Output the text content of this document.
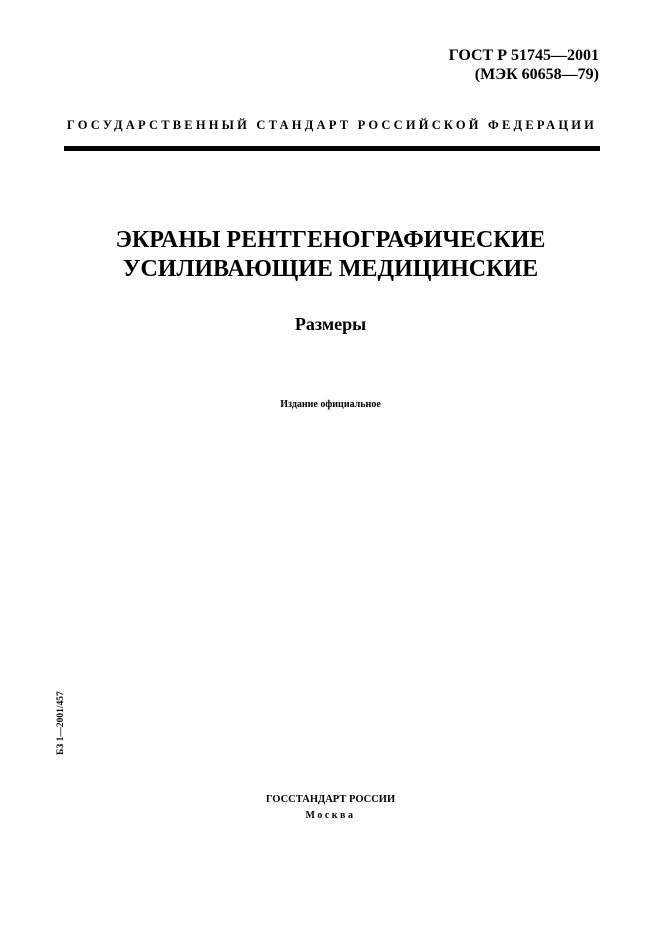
ГОСТ Р 51745—2001
(МЭК 60658—79)
ГОСУДАРСТВЕННЫЙ СТАНДАРТ РОССИЙСКОЙ ФЕДЕРАЦИИ
ЭКРАНЫ РЕНТГЕНОГРАФИЧЕСКИЕ
УСИЛИВАЮЩИЕ МЕДИЦИНСКИЕ
Размеры
Издание официальное
БЗ 1—2001/457
ГОССТАНДАРТ РОССИИ
Москва
